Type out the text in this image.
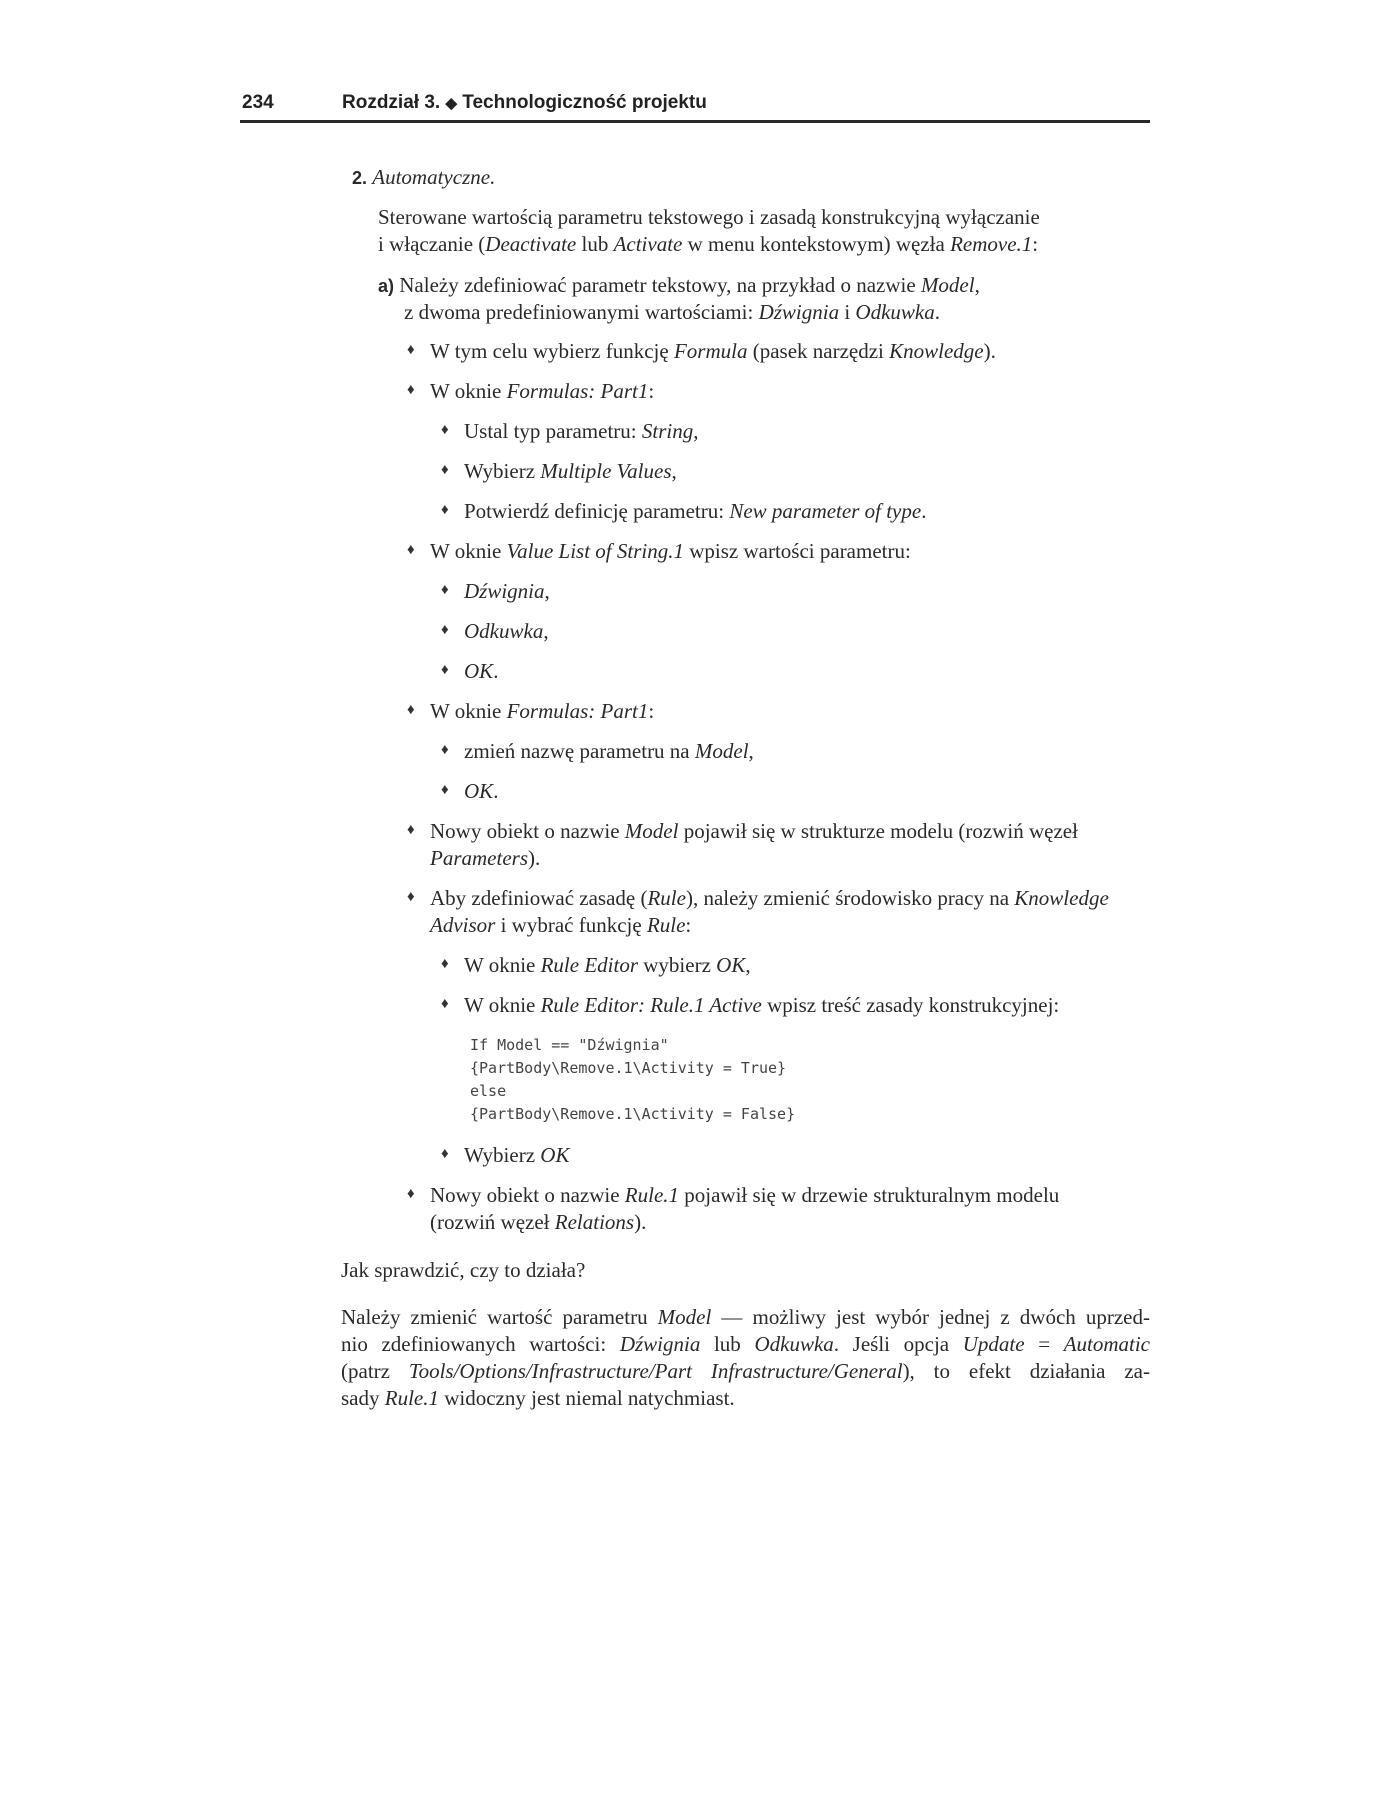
234	Rozdział 3. ◆ Technologiczność projektu
2. Automatyczne.
Sterowane wartością parametru tekstowego i zasadą konstrukcyjną wyłączanie
i włączanie (Deactivate lub Activate w menu kontekstowym) węzła Remove.1:
a) Należy zdefiniować parametr tekstowy, na przykład o nazwie Model,
z dwoma predefiniowanymi wartościami: Dźwignia i Odkuwka.
♦ W tym celu wybierz funkcję Formula (pasek narzędzi Knowledge).
♦ W oknie Formulas: Part1:
♦ Ustal typ parametru: String,
♦ Wybierz Multiple Values,
♦ Potwierdź definicję parametru: New parameter of type.
♦ W oknie Value List of String.1 wpisz wartości parametru:
♦ Dźwignia,
♦ Odkuwka,
♦ OK.
♦ W oknie Formulas: Part1:
♦ zmień nazwę parametru na Model,
♦ OK.
♦ Nowy obiekt o nazwie Model pojawił się w strukturze modelu (rozwiń węzeł
Parameters).
♦ Aby zdefiniować zasadę (Rule), należy zmienić środowisko pracy na Knowledge
Advisor i wybrać funkcję Rule:
♦ W oknie Rule Editor wybierz OK,
♦ W oknie Rule Editor: Rule.1 Active wpisz treść zasady konstrukcyjnej:
If Model == "Dźwignia"
{PartBody\Remove.1\Activity = True}
else
{PartBody\Remove.1\Activity = False}
♦ Wybierz OK
♦ Nowy obiekt o nazwie Rule.1 pojawił się w drzewie strukturalnym modelu
(rozwiń węzeł Relations).
Jak sprawdzić, czy to działa?
Należy zmienić wartość parametru Model — możliwy jest wybór jednej z dwóch uprzed-
nio zdefiniowanych wartości: Dźwignia lub Odkuwka. Jeśli opcja Update = Automatic
(patrz Tools/Options/Infrastructure/Part Infrastructure/General), to efekt działania za-
sady Rule.1 widoczny jest niemal natychmiast.
